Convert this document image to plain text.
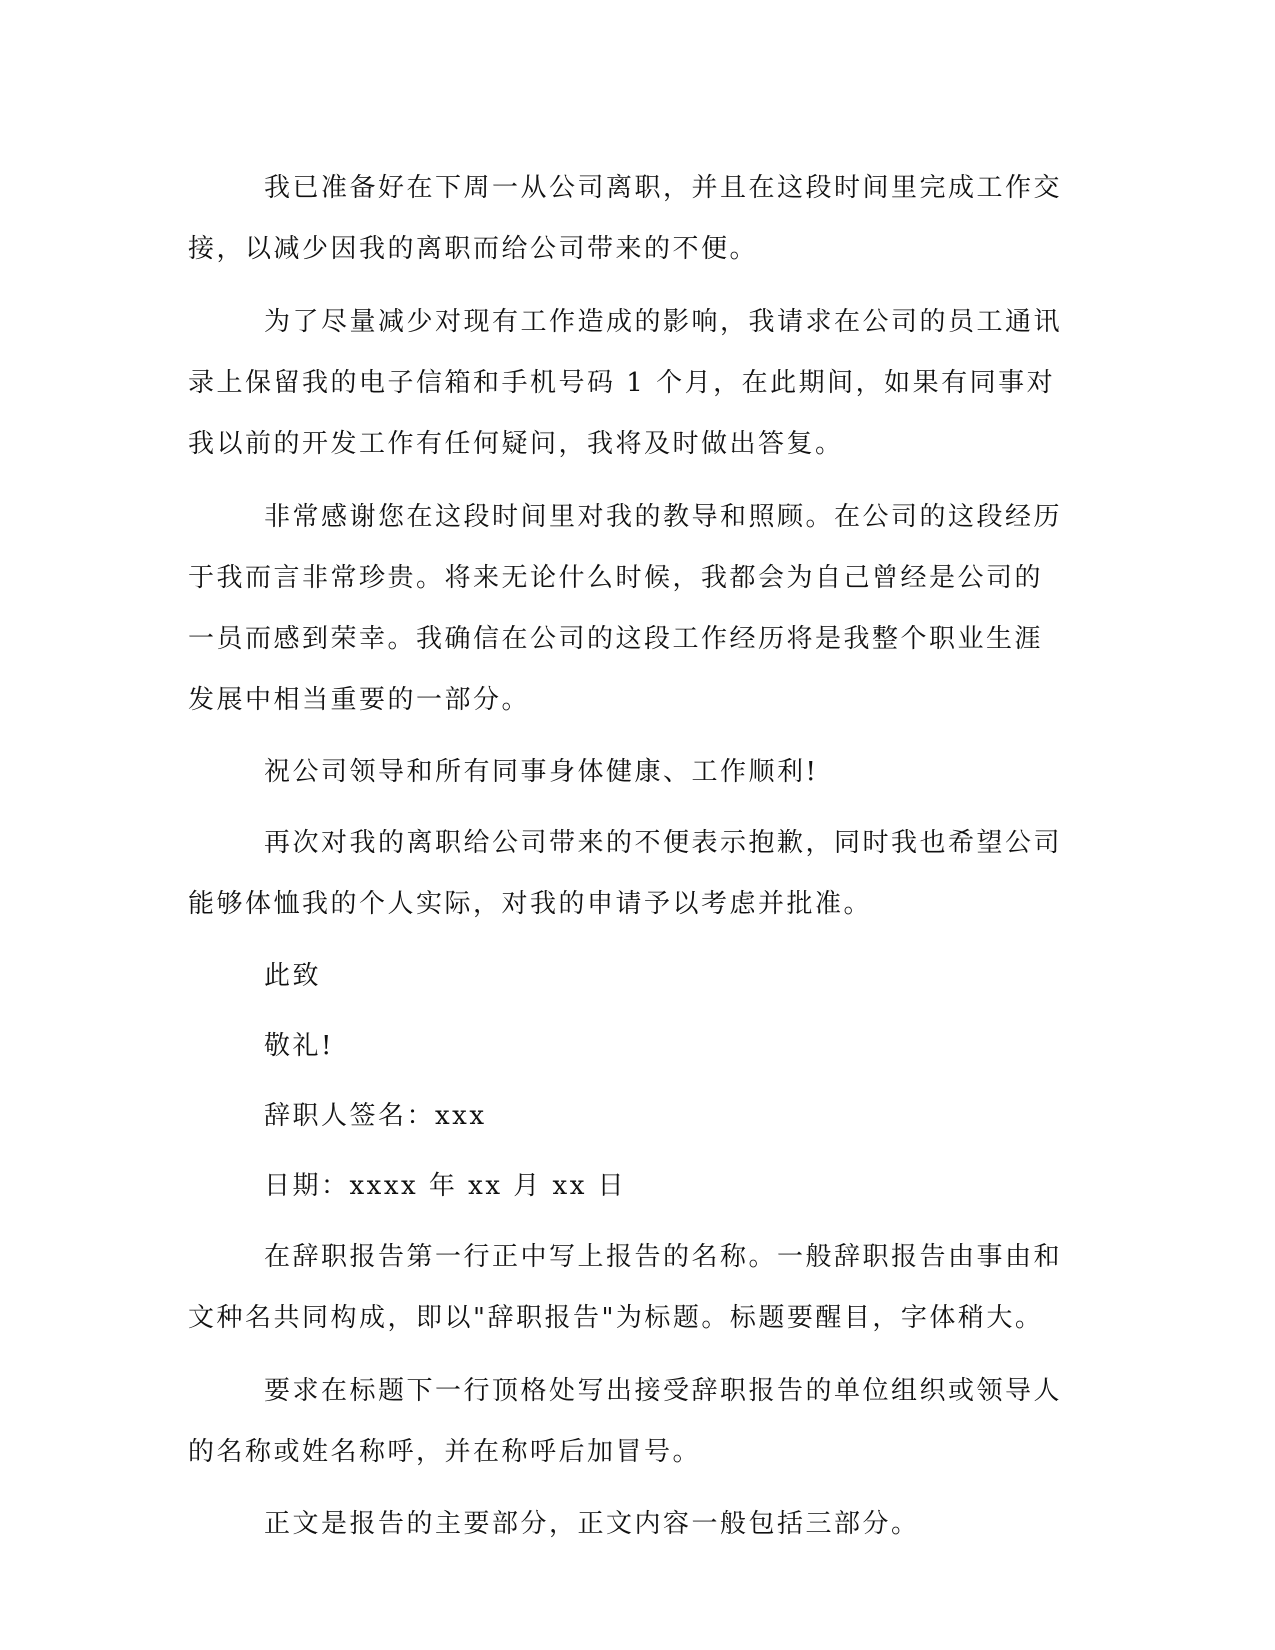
我已准备好在下周一从公司离职，并且在这段时间里完成工作交接，以减少因我的离职而给公司带来的不便。

为了尽量减少对现有工作造成的影响，我请求在公司的员工通讯录上保留我的电子信箱和手机号码 1 个月，在此期间，如果有同事对我以前的开发工作有任何疑问，我将及时做出答复。

非常感谢您在这段时间里对我的教导和照顾。在公司的这段经历于我而言非常珍贵。将来无论什么时候，我都会为自己曾经是公司的一员而感到荣幸。我确信在公司的这段工作经历将是我整个职业生涯发展中相当重要的一部分。

祝公司领导和所有同事身体健康、工作顺利!

再次对我的离职给公司带来的不便表示抱歉，同时我也希望公司能够体恤我的个人实际，对我的申请予以考虑并批准。

此致

敬礼!

辞职人签名：xxx

日期：xxxx 年 xx 月 xx 日

在辞职报告第一行正中写上报告的名称。一般辞职报告由事由和文种名共同构成，即以"辞职报告"为标题。标题要醒目，字体稍大。

要求在标题下一行顶格处写出接受辞职报告的单位组织或领导人的名称或姓名称呼，并在称呼后加冒号。

正文是报告的主要部分，正文内容一般包括三部分。
